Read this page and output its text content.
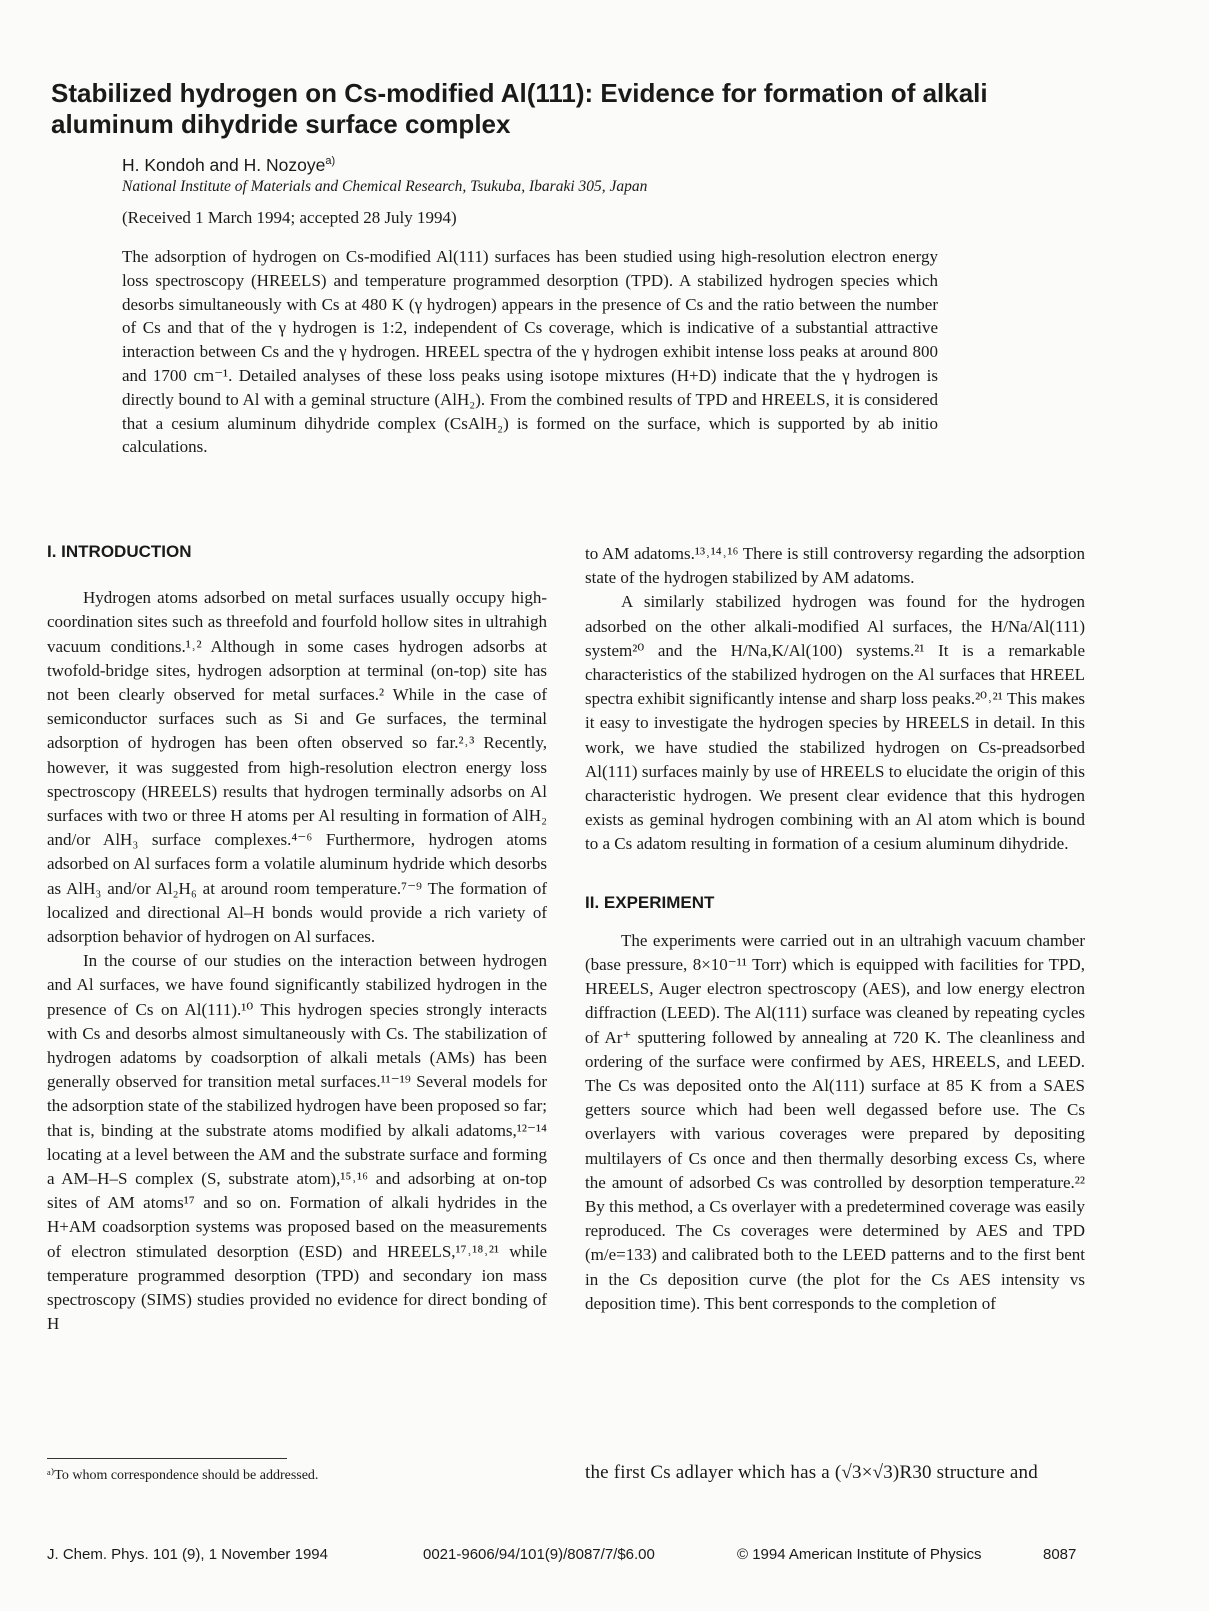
Stabilized hydrogen on Cs-modified Al(111): Evidence for formation of alkali aluminum dihydride surface complex
H. Kondoh and H. Nozoye$^{a)}$
National Institute of Materials and Chemical Research, Tsukuba, Ibaraki 305, Japan
(Received 1 March 1994; accepted 28 July 1994)

The adsorption of hydrogen on Cs-modified Al(111) surfaces has been studied using high-resolution electron energy loss spectroscopy (HREELS) and temperature programmed desorption (TPD). A stabilized hydrogen species which desorbs simultaneously with Cs at 480 K (γ hydrogen) appears in the presence of Cs and the ratio between the number of Cs and that of the γ hydrogen is 1:2, independent of Cs coverage, which is indicative of a substantial attractive interaction between Cs and the γ hydrogen. HREEL spectra of the γ hydrogen exhibit intense loss peaks at around 800 and 1700 cm⁻¹. Detailed analyses of these loss peaks using isotope mixtures (H+D) indicate that the γ hydrogen is directly bound to Al with a geminal structure (AlH₂). From the combined results of TPD and HREELS, it is considered that a cesium aluminum dihydride complex (CsAlH₂) is formed on the surface, which is supported by ab initio calculations.

I. INTRODUCTION

Hydrogen atoms adsorbed on metal surfaces usually occupy high-coordination sites such as threefold and fourfold hollow sites in ultrahigh vacuum conditions.¹˒² Although in some cases hydrogen adsorbs at twofold-bridge sites, hydrogen adsorption at terminal (on-top) site has not been clearly observed for metal surfaces.² While in the case of semiconductor surfaces such as Si and Ge surfaces, the terminal adsorption of hydrogen has been often observed so far.²˒³ Recently, however, it was suggested from high-resolution electron energy loss spectroscopy (HREELS) results that hydrogen terminally adsorbs on Al surfaces with two or three H atoms per Al resulting in formation of AlH₂ and/or AlH₃ surface complexes.⁴⁻⁶ Furthermore, hydrogen atoms adsorbed on Al surfaces form a volatile aluminum hydride which desorbs as AlH₃ and/or Al₂H₆ at around room temperature.⁷⁻⁹ The formation of localized and directional Al–H bonds would provide a rich variety of adsorption behavior of hydrogen on Al surfaces.

In the course of our studies on the interaction between hydrogen and Al surfaces, we have found significantly stabilized hydrogen in the presence of Cs on Al(111).¹⁰ This hydrogen species strongly interacts with Cs and desorbs almost simultaneously with Cs. The stabilization of hydrogen adatoms by coadsorption of alkali metals (AMs) has been generally observed for transition metal surfaces.¹¹⁻¹⁹ Several models for the adsorption state of the stabilized hydrogen have been proposed so far; that is, binding at the substrate atoms modified by alkali adatoms,¹²⁻¹⁴ locating at a level between the AM and the substrate surface and forming a AM–H–S complex (S, substrate atom),¹⁵˒¹⁶ and adsorbing at on-top sites of AM atoms¹⁷ and so on. Formation of alkali hydrides in the H+AM coadsorption systems was proposed based on the measurements of electron stimulated desorption (ESD) and HREELS,¹⁷˒¹⁸˒²¹ while temperature programmed desorption (TPD) and secondary ion mass spectroscopy (SIMS) studies provided no evidence for direct bonding of H

to AM adatoms.¹³˒¹⁴˒¹⁶ There is still controversy regarding the adsorption state of the hydrogen stabilized by AM adatoms.

A similarly stabilized hydrogen was found for the hydrogen adsorbed on the other alkali-modified Al surfaces, the H/Na/Al(111) system²⁰ and the H/Na,K/Al(100) systems.²¹ It is a remarkable characteristics of the stabilized hydrogen on the Al surfaces that HREEL spectra exhibit significantly intense and sharp loss peaks.²⁰˒²¹ This makes it easy to investigate the hydrogen species by HREELS in detail. In this work, we have studied the stabilized hydrogen on Cs-preadsorbed Al(111) surfaces mainly by use of HREELS to elucidate the origin of this characteristic hydrogen. We present clear evidence that this hydrogen exists as geminal hydrogen combining with an Al atom which is bound to a Cs adatom resulting in formation of a cesium aluminum dihydride.

II. EXPERIMENT

The experiments were carried out in an ultrahigh vacuum chamber (base pressure, 8×10⁻¹¹ Torr) which is equipped with facilities for TPD, HREELS, Auger electron spectroscopy (AES), and low energy electron diffraction (LEED). The Al(111) surface was cleaned by repeating cycles of Ar⁺ sputtering followed by annealing at 720 K. The cleanliness and ordering of the surface were confirmed by AES, HREELS, and LEED. The Cs was deposited onto the Al(111) surface at 85 K from a SAES getters source which had been well degassed before use. The Cs overlayers with various coverages were prepared by depositing multilayers of Cs once and then thermally desorbing excess Cs, where the amount of adsorbed Cs was controlled by desorption temperature.²² By this method, a Cs overlayer with a predetermined coverage was easily reproduced. The Cs coverages were determined by AES and TPD (m/e=133) and calibrated both to the LEED patterns and to the first bent in the Cs deposition curve (the plot for the Cs AES intensity vs deposition time). This bent corresponds to the completion of

the first Cs adlayer which has a (√3×√3)R30 structure and
ᵃ⁾To whom correspondence should be addressed.
J. Chem. Phys. 101 (9), 1 November 1994	0021-9606/94/101(9)/8087/7/$6.00	© 1994 American Institute of Physics	8087
